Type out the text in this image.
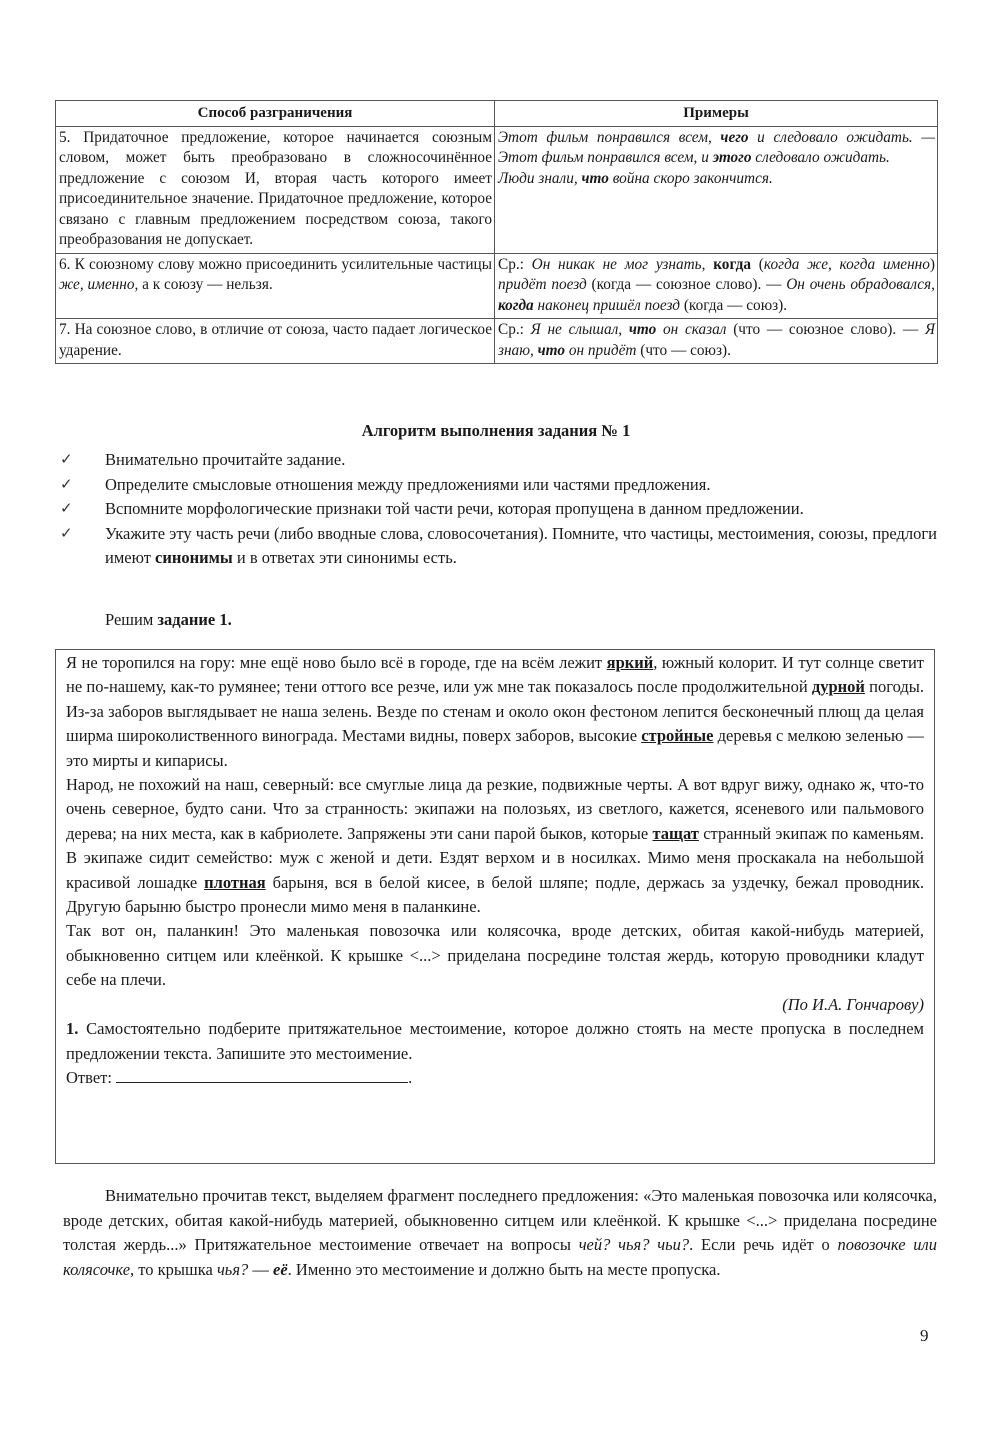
Способ разграничения	Примеры
5. Придаточное предложение, которое начинается союзным словом, может быть преобразовано в сложносочинённое предложение с союзом И, вторая часть которого имеет присоединительное значение. Придаточное предложение, которое связано с главным предложением посредством союза, такого преобразования не допускает.	Этот фильм понравился всем, чего и следовало ожидать. — Этот фильм понравился всем, и этого следовало ожидать.
Люди знали, что война скоро закончится.
6. К союзному слову можно присоединить усилительные частицы же, именно, а к союзу — нельзя.	Ср.: Он никак не мог узнать, когда (когда же, когда именно) придёт поезд (когда — союзное слово). — Он очень обрадовался, когда наконец пришёл поезд (когда — союз).
7. На союзное слово, в отличие от союза, часто падает логическое ударение.	Ср.: Я не слышал, что он сказал (что — союзное слово). — Я знаю, что он придёт (что — союз).
Алгоритм выполнения задания № 1
✓	Внимательно прочитайте задание.
✓	Определите смысловые отношения между предложениями или частями предложения.
✓	Вспомните морфологические признаки той части речи, которая пропущена в данном предложении.
✓	Укажите эту часть речи (либо вводные слова, словосочетания). Помните, что частицы, местоимения, союзы, предлоги имеют синонимы и в ответах эти синонимы есть.
Решим задание 1.

Я не торопился на гору: мне ещё ново было всё в городе, где на всём лежит яркий, южный колорит. И тут солнце светит не по-нашему, как-то румянее; тени оттого все резче, или уж мне так показалось после продолжительной дурной погоды. Из-за заборов выглядывает не наша зелень. Везде по стенам и около окон фестоном лепится бесконечный плющ да целая ширма широколиственного винограда. Местами видны, поверх заборов, высокие стройные деревья с мелкою зеленью — это мирты и кипарисы.

Народ, не похожий на наш, северный: все смуглые лица да резкие, подвижные черты. А вот вдруг вижу, однако ж, что-то очень северное, будто сани. Что за странность: экипажи на полозьях, из светлого, кажется, ясеневого или пальмового дерева; на них места, как в кабриолете. Запряжены эти сани парой быков, которые тащат странный экипаж по каменьям. В экипаже сидит семейство: муж с женой и дети. Ездят верхом и в носилках. Мимо меня проскакала на небольшой красивой лошадке плотная барыня, вся в белой кисее, в белой шляпе; подле, держась за уздечку, бежал проводник. Другую барыню быстро пронесли мимо меня в паланкине.

Так вот он, паланкин! Это маленькая повозочка или колясочка, вроде детских, обитая какой-нибудь материей, обыкновенно ситцем или клеёнкой. К крышке <...> приделана посредине толстая жердь, которую проводники кладут себе на плечи.

(По И.А. Гончарову)

1. Самостоятельно подберите притяжательное местоимение, которое должно стоять на месте пропуска в последнем предложении текста. Запишите это местоимение.

Ответ:	.

Внимательно прочитав текст, выделяем фрагмент последнего предложения: «Это маленькая повозочка или колясочка, вроде детских, обитая какой-нибудь материей, обыкновенно ситцем или клеёнкой. К крышке <...> приделана посредине толстая жердь...» Притяжательное местоимение отвечает на вопросы чей? чья? чьи?. Если речь идёт о повозочке или колясочке, то крышка чья? — её. Именно это местоимение и должно быть на месте пропуска.
9
